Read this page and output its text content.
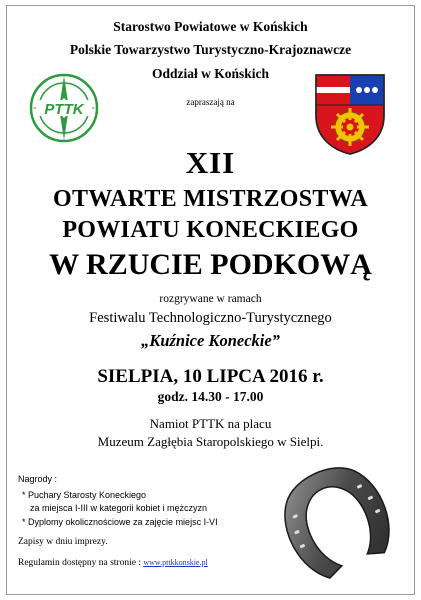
Starostwo Powiatowe w Końskich
Polskie Towarzystwo Turystyczno-Krajoznawcze
Oddział w Końskich
zapraszają na
PTTK
XII
OTWARTE MISTRZOSTWA
POWIATU KONECKIEGO
W RZUCIE PODKOWĄ
rozgrywane w ramach
Festiwalu Technologiczno-Turystycznego
„Kuźnice Koneckie”
SIELPIA, 10 LIPCA 2016 r.
godz. 14.30 - 17.00
Namiot PTTK na placu
Muzeum Zagłębia Staropolskiego w Sielpi.
Nagrody :
* Puchary Starosty Koneckiego
za miejsca I-III w kategorii kobiet i mężczyzn
* Dyplomy okolicznościowe za zajęcie miejsc I-VI
Zapisy w dniu imprezy.
Regulamin dostępny na stronie : www.pttkkonskie.pl
